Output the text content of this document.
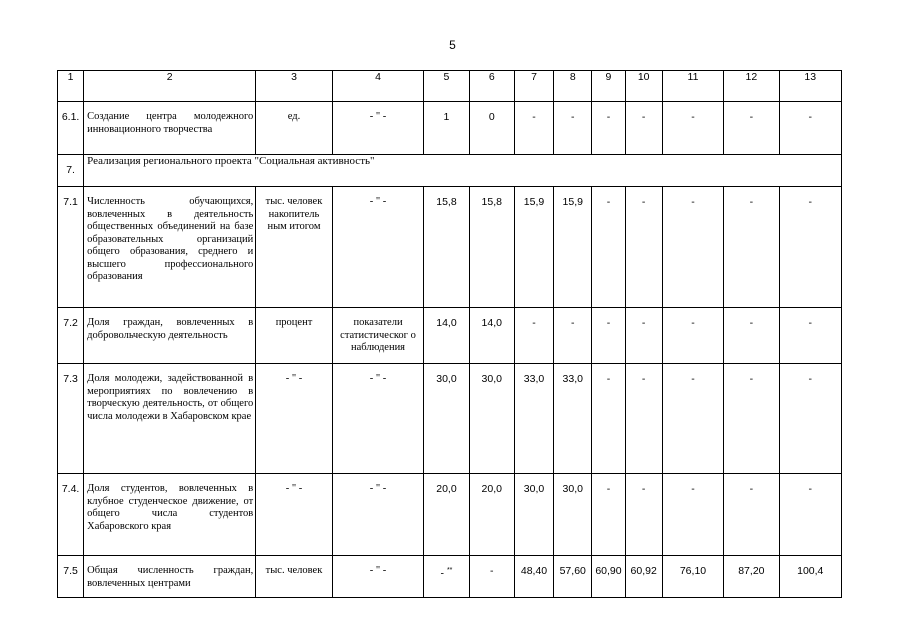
5
1	2	3	4	5	6	7	8	9	10	11	12	13
6.1.	Создание центра молодежного инновационного творчества	ед.	- " -	1	0	-	-	-	-	-	-	-
7.	Реализация регионального проекта "Социальная активность"											
7.1	Численность обучающихся, вовлеченных в деятельность общественных объединений на базе образовательных организаций общего образования, среднего и высшего профессионального образования	тыс. человек накопитель ным итогом	- " -	15,8	15,8	15,9	15,9	-	-	-	-	-
7.2	Доля граждан, вовлеченных в добровольческую деятельность	процент	показатели статистическог о наблюдения	14,0	14,0	-	-	-	-	-	-	-
7.3	Доля молодежи, задействованной в мероприятиях по вовлечению в творческую деятельность, от общего числа молодежи в Хабаровском крае	- " -	- " -	30,0	30,0	33,0	33,0	-	-	-	-	-
7.4.	Доля студентов, вовлеченных в клубное студенческое движение, от общего числа студентов Хабаровского края	- " -	- " -	20,0	20,0	30,0	30,0	-	-	-	-	-
7.5	Общая численность граждан, вовлеченных центрами	тыс. человек	- " -	- **	-	48,40	57,60	60,90	60,92	76,10	87,20	100,4
